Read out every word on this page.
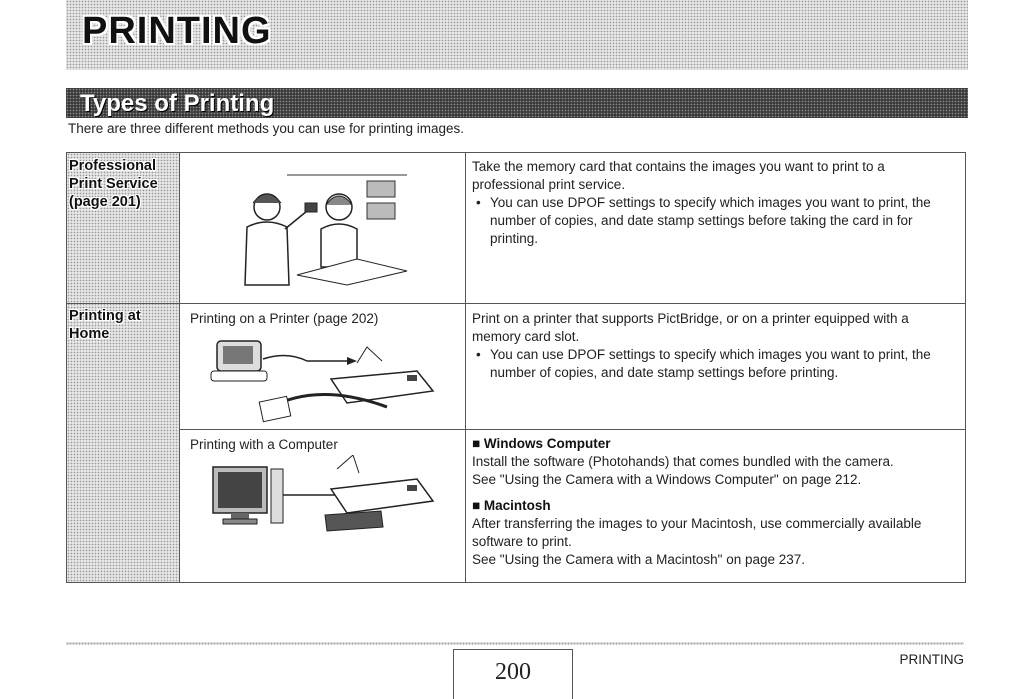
PRINTING
Types of Printing
There are three different methods you can use for printing images.
Professional Print Service (page 201)
Printing at Home

Take the memory card that contains the images you want to print to a professional print service.

• You can use DPOF settings to specify which images you want to print, the number of copies, and date stamp settings before taking the card in for printing.
Printing on a Printer (page 202)	Print on a printer that supports PictBridge, or on a printer equipped with a memory card slot.

• You can use DPOF settings to specify which images you want to print, the number of copies, and date stamp settings before printing.
Printing with a Computer
■	Windows Computer

Install the software (Photohands) that comes bundled with the camera.

See "Using the Camera with a Windows Computer" on page 212.

■ Macintosh

After transferring the images to your Macintosh, use commercially available software to print.

See "Using the Camera with a Macintosh" on page 237.

200	PRINTING
